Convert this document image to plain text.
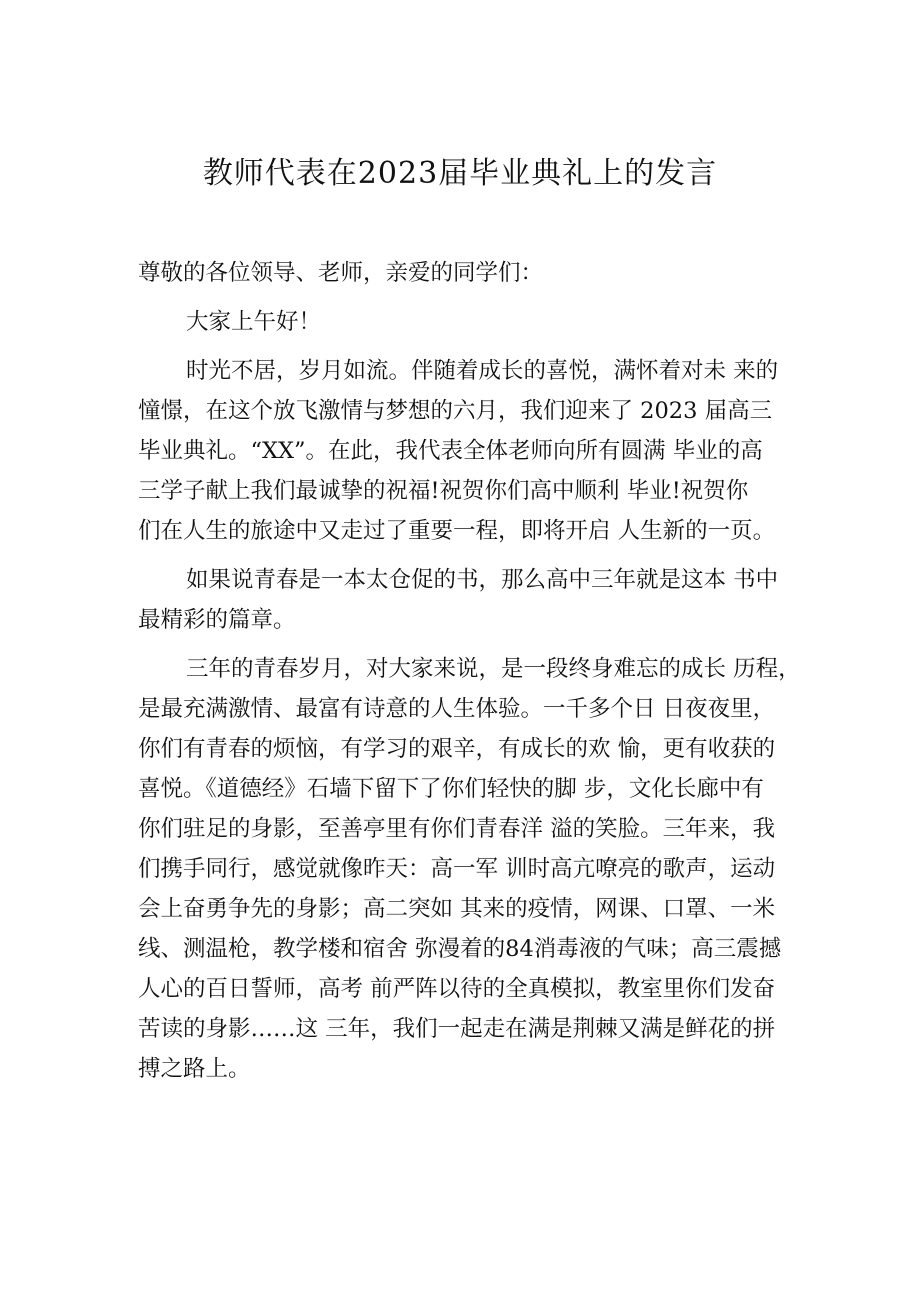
教师代表在2023届毕业典礼上的发言
尊敬的各位领导、老师，亲爱的同学们：
大家上午好！
时光不居，岁月如流。伴随着成长的喜悦，满怀着对未 来的
憧憬，在这个放飞激情与梦想的六月，我们迎来了 2023 届高三
毕业典礼。“XX”。在此，我代表全体老师向所有圆满 毕业的高
三学子献上我们最诚挚的祝福!祝贺你们高中顺利 毕业!祝贺你
们在人生的旅途中又走过了重要一程，即将开启 人生新的一页。
如果说青春是一本太仓促的书，那么高中三年就是这本 书中
最精彩的篇章。
三年的青春岁月，对大家来说，是一段终身难忘的成长 历程，
是最充满激情、最富有诗意的人生体验。一千多个日 日夜夜里，
你们有青春的烦恼，有学习的艰辛，有成长的欢 愉，更有收获的
喜悦。《道德经》石墙下留下了你们轻快的脚 步，文化长廊中有
你们驻足的身影，至善亭里有你们青春洋 溢的笑脸。三年来，我
们携手同行，感觉就像昨天：高一军 训时高亢嘹亮的歌声，运动
会上奋勇争先的身影；高二突如 其来的疫情，网课、口罩、一米
线、测温枪，教学楼和宿舍 弥漫着的84消毒液的气味；高三震撼
人心的百日誓师，高考 前严阵以待的全真模拟，教室里你们发奋
苦读的身影……这 三年，我们一起走在满是荆棘又满是鲜花的拼
搏之路上。
